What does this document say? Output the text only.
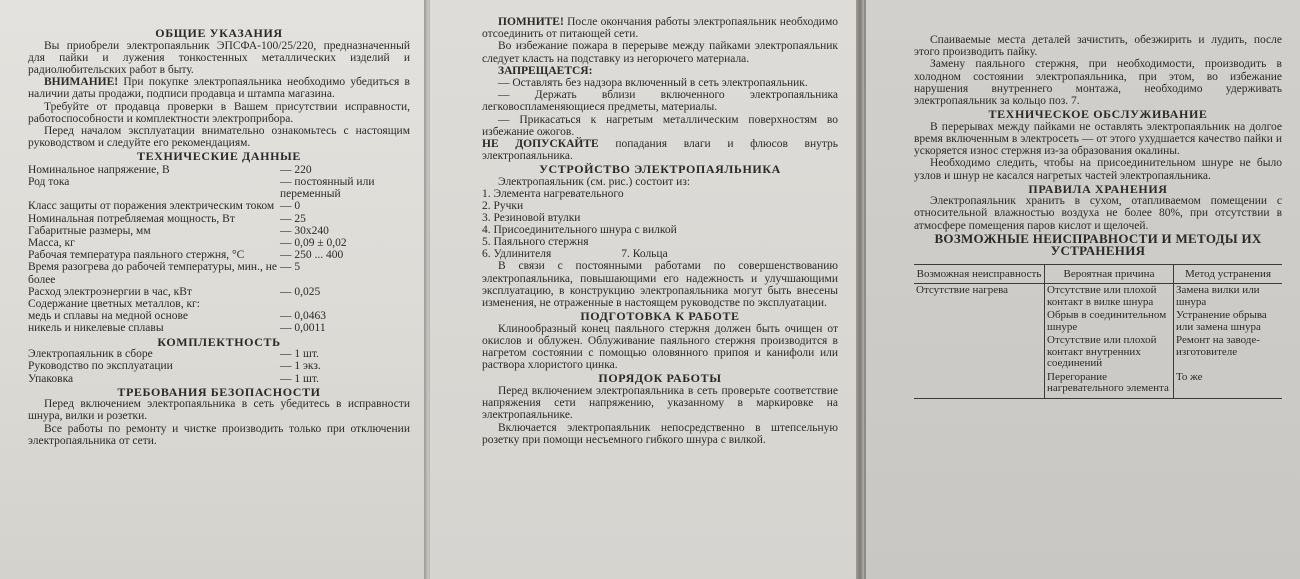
ОБЩИЕ УКАЗАНИЯ

Вы приобрели электропаяльник ЭПСФА-100/25/220, предназначенный для пайки и лужения тонкостенных металлических изделий и радиолюбительских работ в быту.

ВНИМАНИЕ! При покупке электропаяльника необходимо убедиться в наличии даты продажи, подписи продавца и штампа магазина.

Требуйте от продавца проверки в Вашем присутствии исправности, работоспособности и комплектности электроприбора.

Перед началом эксплуатации внимательно ознакомьтесь с настоящим руководством и следуйте его рекомендациям.

ТЕХНИЧЕСКИЕ ДАННЫЕ
Номинальное напряжение, В	— 220
Род тока	— постоянный или переменный
Класс защиты от поражения электрическим током	— 0
Номинальная потребляемая мощность, Вт	— 25
Габаритные размеры, мм	— 30х240
Масса, кг	— 0,09 ± 0,02
Рабочая температура паяльного стержня, °С	— 250 ... 400
Время разогрева до рабочей температуры, мин., не более	— 5
Расход электроэнергии в час, кВт	— 0,025
Содержание цветных металлов, кг:	
медь и сплавы на медной основе	— 0,0463
никель и никелевые сплавы	— 0,0011
КОМПЛЕКТНОСТЬ
Электропаяльник в сборе	— 1 шт.
Руководство по эксплуатации	— 1 экз.
Упаковка	— 1 шт.
ТРЕБОВАНИЯ БЕЗОПАСНОСТИ

Перед включением электропаяльника в сеть убедитесь в исправности шнура, вилки и розетки.

Все работы по ремонту и чистке производить только при отключении электропаяльника от сети.

ПОМНИТЕ! После окончания работы электропаяльник необходимо отсоединить от питающей сети.

Во избежание пожара в перерыве между пайками электропаяльник следует класть на подставку из негорючего материала.

ЗАПРЕЩАЕТСЯ:

— Оставлять без надзора включенный в сеть электропаяльник.

— Держать вблизи включенного электропаяльника легковоспламеняющиеся предметы, материалы.

— Прикасаться к нагретым металлическим поверхностям во избежание ожогов.

НЕ ДОПУСКАЙТЕ попадания влаги и флюсов внутрь электропаяльника.

УСТРОЙСТВО ЭЛЕКТРОПАЯЛЬНИКА

Электропаяльник (см. рис.) состоит из:

1. Элемента нагревательного
2. Ручки
3. Резиновой втулки
4. Присоединительного шнура с вилкой
5. Паяльного стержня

6. Удлинителя	7. Кольца

В связи с постоянными работами по совершенствованию электропаяльника, повышающими его надежность и улучшающими эксплуатацию, в конструкцию электропаяльника могут быть внесены изменения, не отраженные в настоящем руководстве по эксплуатации.

ПОДГОТОВКА К РАБОТЕ

Клинообразный конец паяльного стержня должен быть очищен от окислов и облужен. Облуживание паяльного стержня производится в нагретом состоянии с помощью оловянного припоя и канифоли или раствора хлористого цинка.

ПОРЯДОК РАБОТЫ

Перед включением электропаяльника в сеть проверьте соответствие напряжения сети напряжению, указанному в маркировке на электропаяльнике.

Включается электропаяльник непосредственно в штепсельную розетку при помощи несъемного гибкого шнура с вилкой.

Спаиваемые места деталей зачистить, обезжирить и лудить, после этого производить пайку.

Замену паяльного стержня, при необходимости, производить в холодном состоянии электропаяльника, при этом, во избежание нарушения внутреннего монтажа, необходимо удерживать электропаяльник за кольцо поз. 7.

ТЕХНИЧЕСКОЕ ОБСЛУЖИВАНИЕ

В перерывах между пайками не оставлять электропаяльник на долгое время включенным в электросеть — от этого ухудшается качество пайки и ускоряется износ стержня из-за образования окалины.

Необходимо следить, чтобы на присоединительном шнуре не было узлов и шнур не касался нагретых частей электропаяльника.

ПРАВИЛА ХРАНЕНИЯ

Электропаяльник хранить в сухом, отапливаемом помещении с относительной влажностью воздуха не более 80%, при отсутствии в атмосфере помещения паров кислот и щелочей.

ВОЗМОЖНЫЕ НЕИСПРАВНОСТИ И МЕТОДЫ ИХ УСТРАНЕНИЯ
Возможная неисправность	Вероятная причина	Метод устранения
Отсутствие нагрева	Отсутствие или плохой контакт в вилке шнура	Замена вилки или шнура
	Обрыв в соединительном шнуре	Устранение обрыва или замена шнура
	Отсутствие или плохой контакт внутренних соединений	Ремонт на заводе-изготовителе
	Перегорание нагревательного элемента	То же
